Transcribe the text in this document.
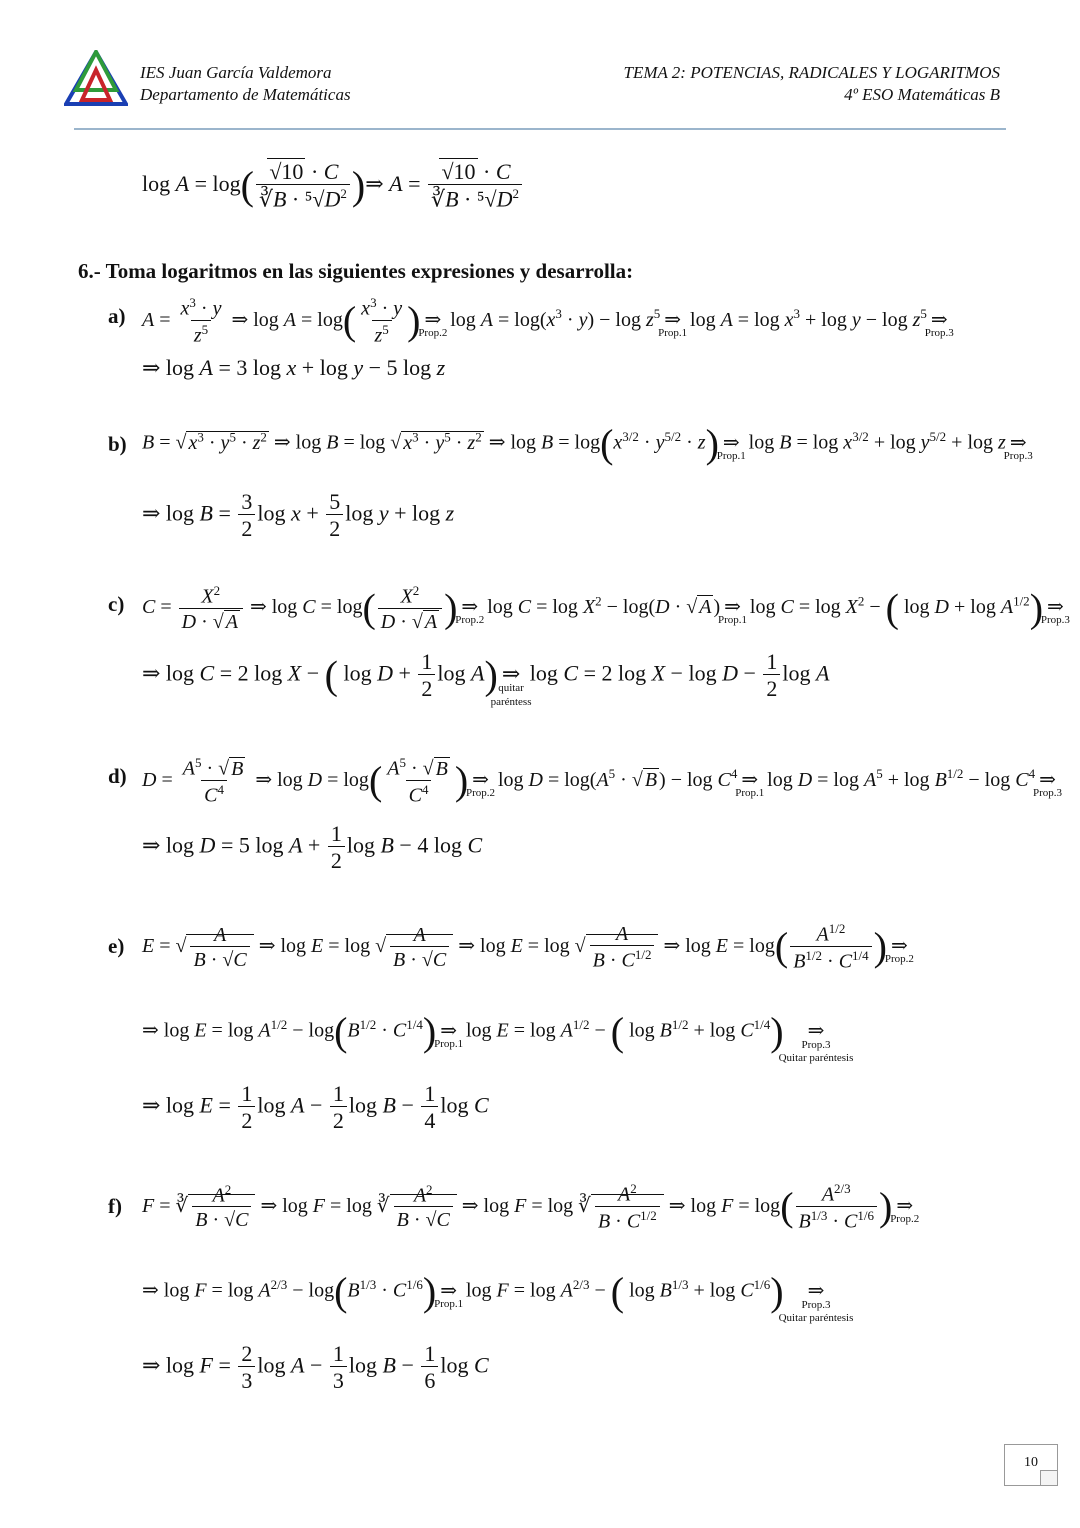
IES Juan García Valdemora
Departamento de Matemáticas
TEMA 2: POTENCIAS, RADICALES Y LOGARITMOS
4º ESO Matemáticas B
$\log A = \log( \frac{√10 \cdot C}{∛B \cdot ^5√D^2}$ )⇒ $A = \frac{√10 \cdot C}{∛B \cdot ^5√D^2}$
6.- Toma logaritmos en las siguientes expresiones y desarrolla:
a) $A = \frac{x^3 \cdot y}{z^5}$ ⇒ $\log A = \log( \frac{x^3 \cdot y}{z^5}$ ) ⇒
Prop.2
$\log A = \log(x^3 \cdot y) - \log z^5$ ⇒
Prop.1
$\log A = \log x^3 + \log y - \log z^5$ ⇒
Prop.3
⇒ log A = 3 log x + log y − 5 log z
b) B = √ $x^3 \cdot y^5 \cdot z^2$ ⇒ log B = log √ $x^3 \cdot y^5 \cdot z^2$ ⇒ $\log B = \log(x^{3/2} \cdot y^{5/2} \cdot z)$ ⇒
Prop.1
$\log B = \log x^{3/2} + \log y^{5/2} + \log z$ ⇒
Prop.3
⇒ $\log B = \frac{3}{2}$ $\log x + \frac{5}{2}$ log y + log z
c) $C = \frac{X^2}{D \cdot √ A}$ ⇒ $\log C = \log( \frac{X^2}{D \cdot √ A}$ ) ⇒
Prop.2
$\log C = \log X^2 - \log(D$ · √ A ) ⇒
Prop.1
$\log C = \log X^2$ − ( $\log D + \log A^{1/2}$) ⇒
Prop.3
⇒ log C = 2 log X − ( $\log D + \frac{1}{2}$ log A) ⇒
quitar
paréntess
log C = 2 $\log X - \log D - \frac{1}{2}$ log A
d) $D = \frac{A^5 \cdot √ B}{C^4}$ ⇒ $\log D = \log( \frac{A^5 \cdot √ B}{C^4}$ ) ⇒
Prop.2
$\log D = \log(A^5$ · √ B ) − $\log C^4$ ⇒
Prop.1
$\log D = \log A^5 + \log B^{1/2} - \log C^4$ ⇒
Prop.3
⇒ log D = 5 $\log A + \frac{1}{2}$ log B − 4 log C
e) E = √ $\frac{A}{B \cdot √C}$ ⇒ log E = log √ $\frac{A}{B \cdot √C}$ ⇒ log E = log √ $\frac{A}{B \cdot C^{1/2}}$ ⇒ $\log E = \log( \frac{A^{1/2}}{B^{1/2} \cdot C^{1/4}}$ ) ⇒
Prop.2
⇒ $\log E = \log A^{1/2} - \log(B^{1/2} \cdot C^{1/4})$ ⇒
Prop.1
$\log E = \log A^{1/2}$ − ( $\log B^{1/2} + \log C^{1/4}$) ⇒
Prop.3
Quitar paréntesis
⇒ $\log E = \frac{1}{2}$ $\log A - \frac{1}{2}$ $\log B - \frac{1}{4}$ log C
f) F = ∛ $\frac{A^2}{B \cdot √C}$ ⇒ log F = log ∛ $\frac{A^2}{B \cdot √C}$ ⇒ log F = log ∛ $\frac{A^2}{B \cdot C^{1/2}}$ ⇒ $\log F = \log( \frac{A^{2/3}}{B^{1/3} \cdot C^{1/6}}$ ) ⇒
Prop.2
⇒ $\log F = \log A^{2/3} - \log(B^{1/3} \cdot C^{1/6})$ ⇒
Prop.1
$\log F = \log A^{2/3}$ − ( $\log B^{1/3} + \log C^{1/6}$) ⇒
Prop.3
Quitar paréntesis
⇒ $\log F = \frac{2}{3}$ $\log A - \frac{1}{3}$ $\log B - \frac{1}{6}$ log C
10
